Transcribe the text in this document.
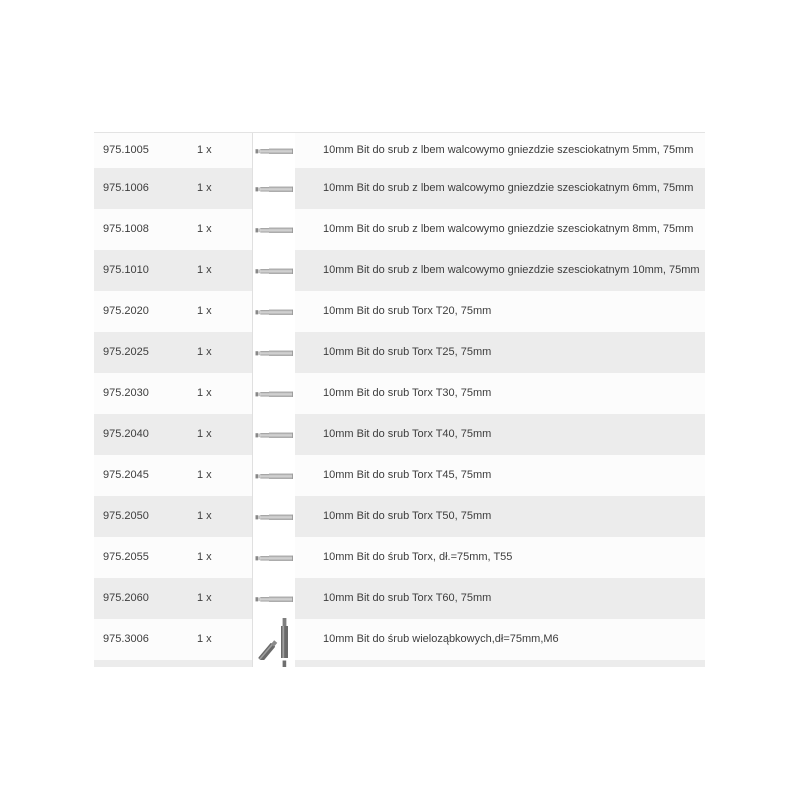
975.1005	1 x	10mm Bit do srub z lbem walcowymo gniezdzie szesciokatnym 5mm, 75mm
975.1006	1 x	10mm Bit do srub z lbem walcowymo gniezdzie szesciokatnym 6mm, 75mm
975.1008	1 x	10mm Bit do srub z lbem walcowymo gniezdzie szesciokatnym 8mm, 75mm
975.1010	1 x	10mm Bit do srub z lbem walcowymo gniezdzie szesciokatnym 10mm, 75mm
975.2020	1 x	10mm Bit do srub Torx T20, 75mm
975.2025	1 x	10mm Bit do srub Torx T25, 75mm
975.2030	1 x	10mm Bit do srub Torx T30, 75mm
975.2040	1 x	10mm Bit do srub Torx T40, 75mm
975.2045	1 x	10mm Bit do srub Torx T45, 75mm
975.2050	1 x	10mm Bit do srub Torx T50, 75mm
975.2055	1 x	10mm Bit do śrub Torx, dł.=75mm, T55
975.2060	1 x	10mm Bit do srub Torx T60, 75mm
975.3006	1 x	10mm Bit do śrub wieloząbkowych,dł=75mm,M6
